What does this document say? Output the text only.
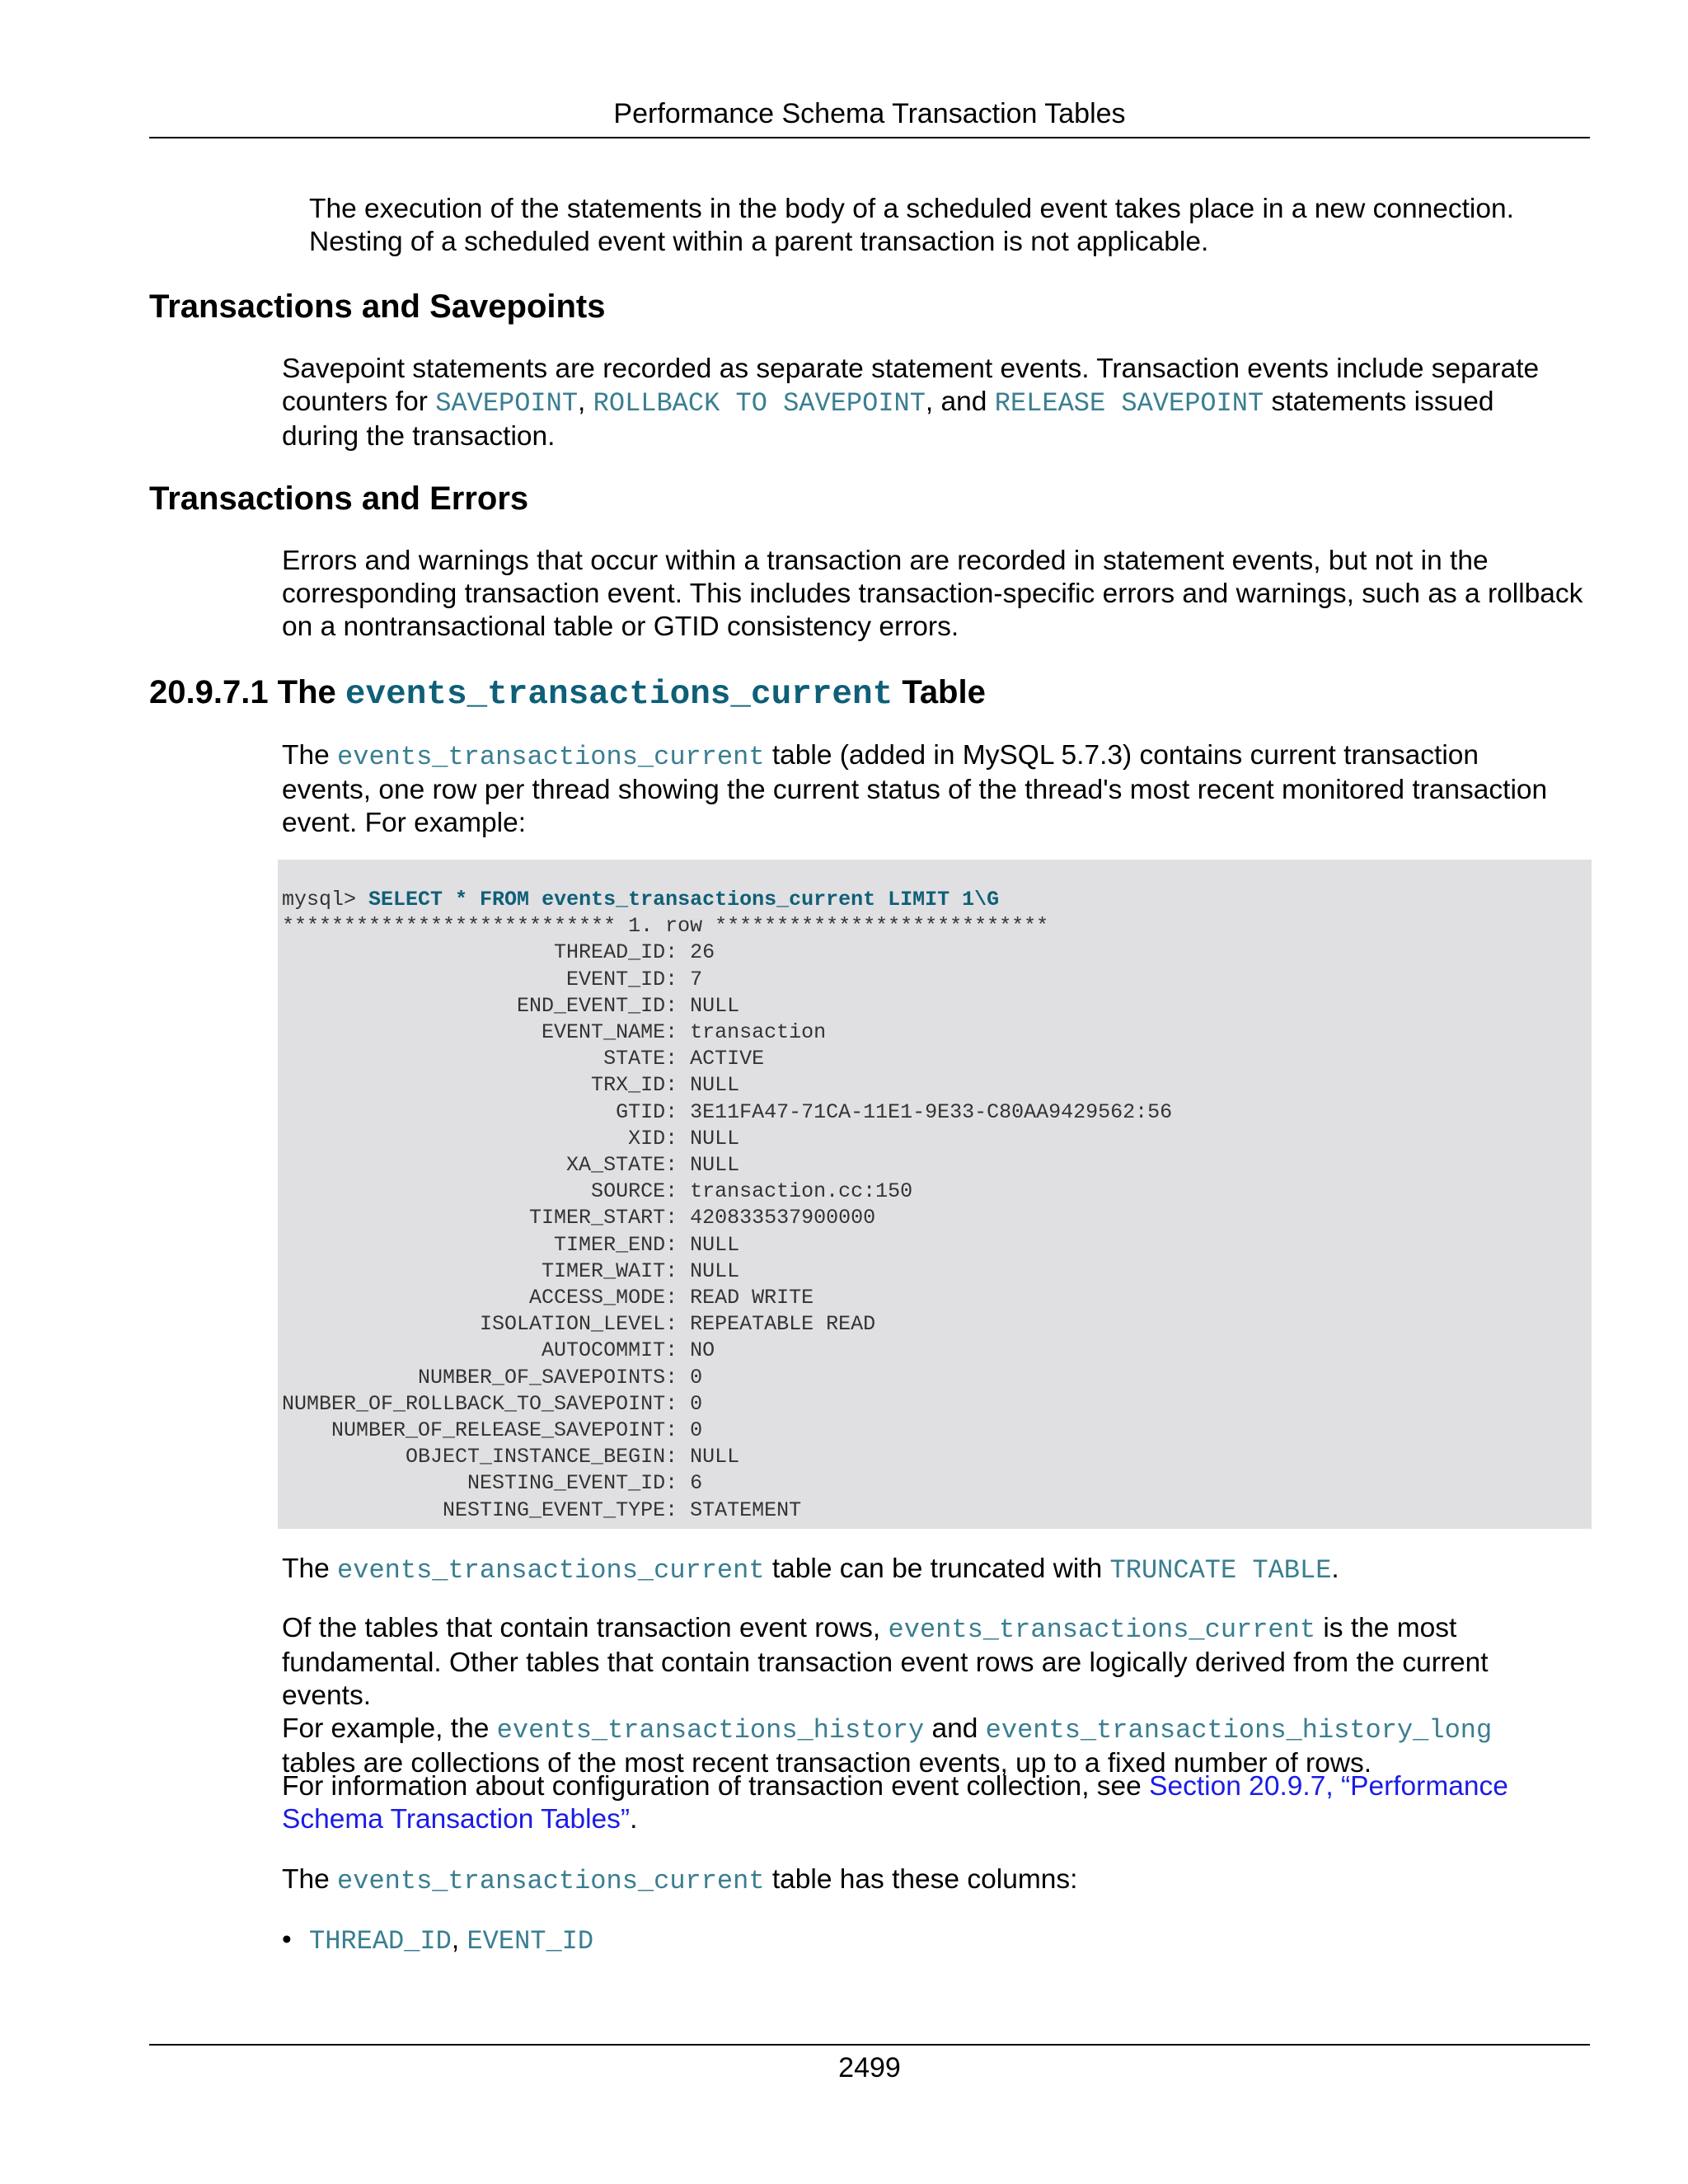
Performance Schema Transaction Tables
The execution of the statements in the body of a scheduled event takes place in a new connection.
Nesting of a scheduled event within a parent transaction is not applicable.
Transactions and Savepoints
Savepoint statements are recorded as separate statement events. Transaction events include separate
counters for SAVEPOINT, ROLLBACK TO SAVEPOINT, and RELEASE SAVEPOINT statements issued
during the transaction.
Transactions and Errors
Errors and warnings that occur within a transaction are recorded in statement events, but not in the
corresponding transaction event. This includes transaction-specific errors and warnings, such as a rollback
on a nontransactional table or GTID consistency errors.
20.9.7.1 The events_transactions_current Table
The events_transactions_current table (added in MySQL 5.7.3) contains current transaction
events, one row per thread showing the current status of the thread's most recent monitored transaction
event. For example:
mysql> SELECT * FROM events_transactions_current LIMIT 1\G
*************************** 1. row ***************************
THREAD_ID: 26
EVENT_ID: 7
END_EVENT_ID: NULL
EVENT_NAME: transaction
STATE: ACTIVE
TRX_ID: NULL
GTID: 3E11FA47-71CA-11E1-9E33-C80AA9429562:56
XID: NULL
XA_STATE: NULL
SOURCE: transaction.cc:150
TIMER_START: 420833537900000
TIMER_END: NULL
TIMER_WAIT: NULL
ACCESS_MODE: READ WRITE
ISOLATION_LEVEL: REPEATABLE READ
AUTOCOMMIT: NO
NUMBER_OF_SAVEPOINTS: 0
NUMBER_OF_ROLLBACK_TO_SAVEPOINT: 0
NUMBER_OF_RELEASE_SAVEPOINT: 0
OBJECT_INSTANCE_BEGIN: NULL
NESTING_EVENT_ID: 6
NESTING_EVENT_TYPE: STATEMENT
The events_transactions_current table can be truncated with TRUNCATE TABLE.
Of the tables that contain transaction event rows, events_transactions_current is the most
fundamental. Other tables that contain transaction event rows are logically derived from the current events.
For example, the events_transactions_history and events_transactions_history_long
tables are collections of the most recent transaction events, up to a fixed number of rows.
For information about configuration of transaction event collection, see Section 20.9.7, “Performance
Schema Transaction Tables”.
The events_transactions_current table has these columns:
• THREAD_ID, EVENT_ID
2499
